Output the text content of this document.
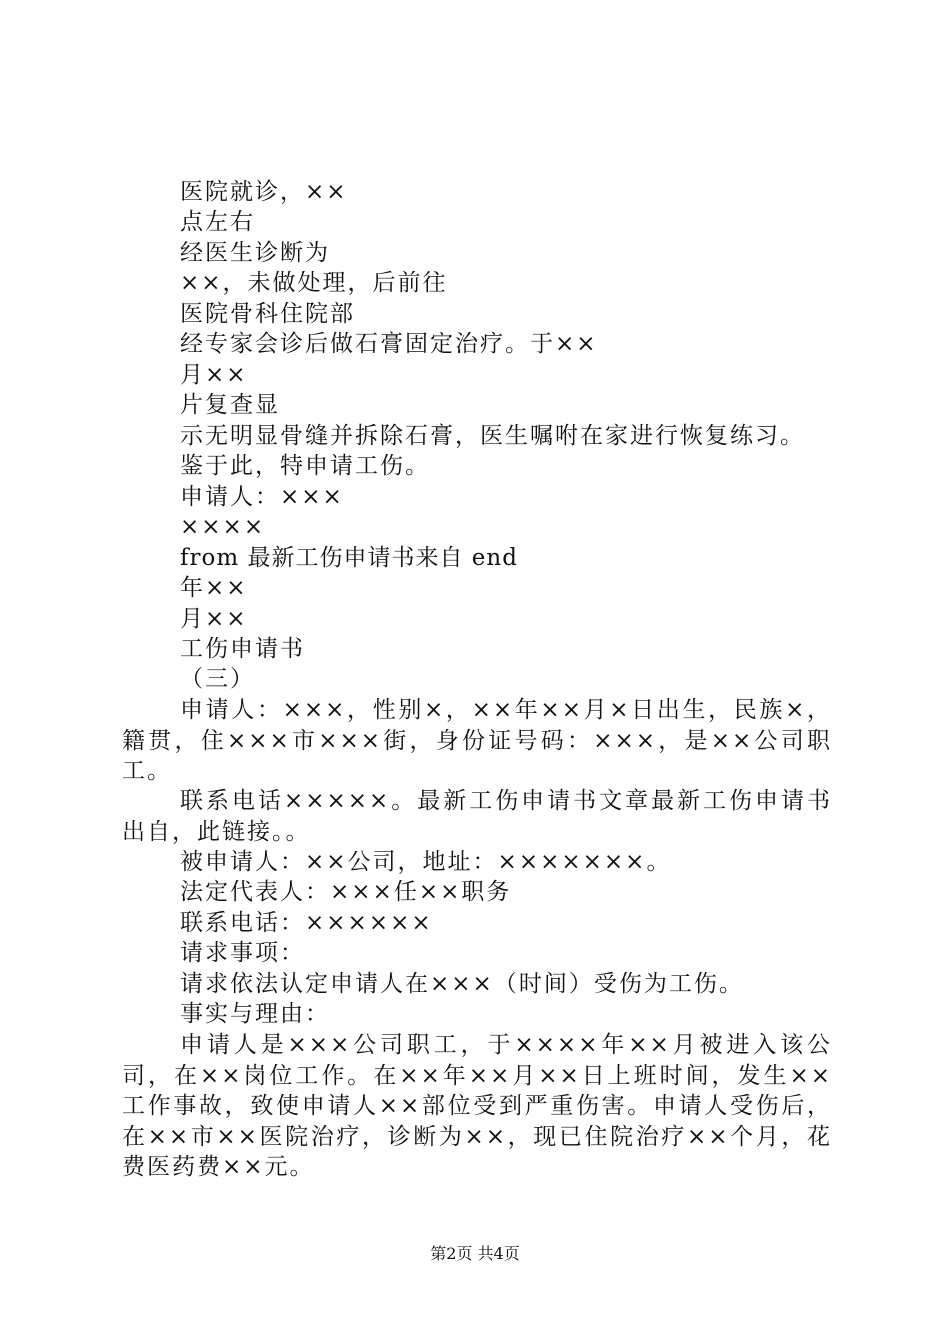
医院就诊，××
点左右
经医生诊断为
××，未做处理，后前往
医院骨科住院部
经专家会诊后做石膏固定治疗。于××
月××
片复查显
示无明显骨缝并拆除石膏，医生嘱咐在家进行恢复练习。
鉴于此，特申请工伤。
申请人：×××
××××
from 最新工伤申请书来自 end
年××
月××
工伤申请书
（三）
申请人：×××，性别×，××年××月×日出生，民族×，籍贯，住×××市×××街，身份证号码：×××，是××公司职工。
联系电话×××××。最新工伤申请书文章最新工伤申请书出自，此链接。。
被申请人：××公司，地址：×××××××。
法定代表人：×××任××职务
联系电话：××××××
请求事项：
请求依法认定申请人在×××（时间）受伤为工伤。
事实与理由：
申请人是×××公司职工，于××××年××月被进入该公司，在××岗位工作。在××年××月××日上班时间，发生××工作事故，致使申请人××部位受到严重伤害。申请人受伤后，在××市××医院治疗，诊断为××，现已住院治疗××个月，花费医药费××元。
第2页 共4页
